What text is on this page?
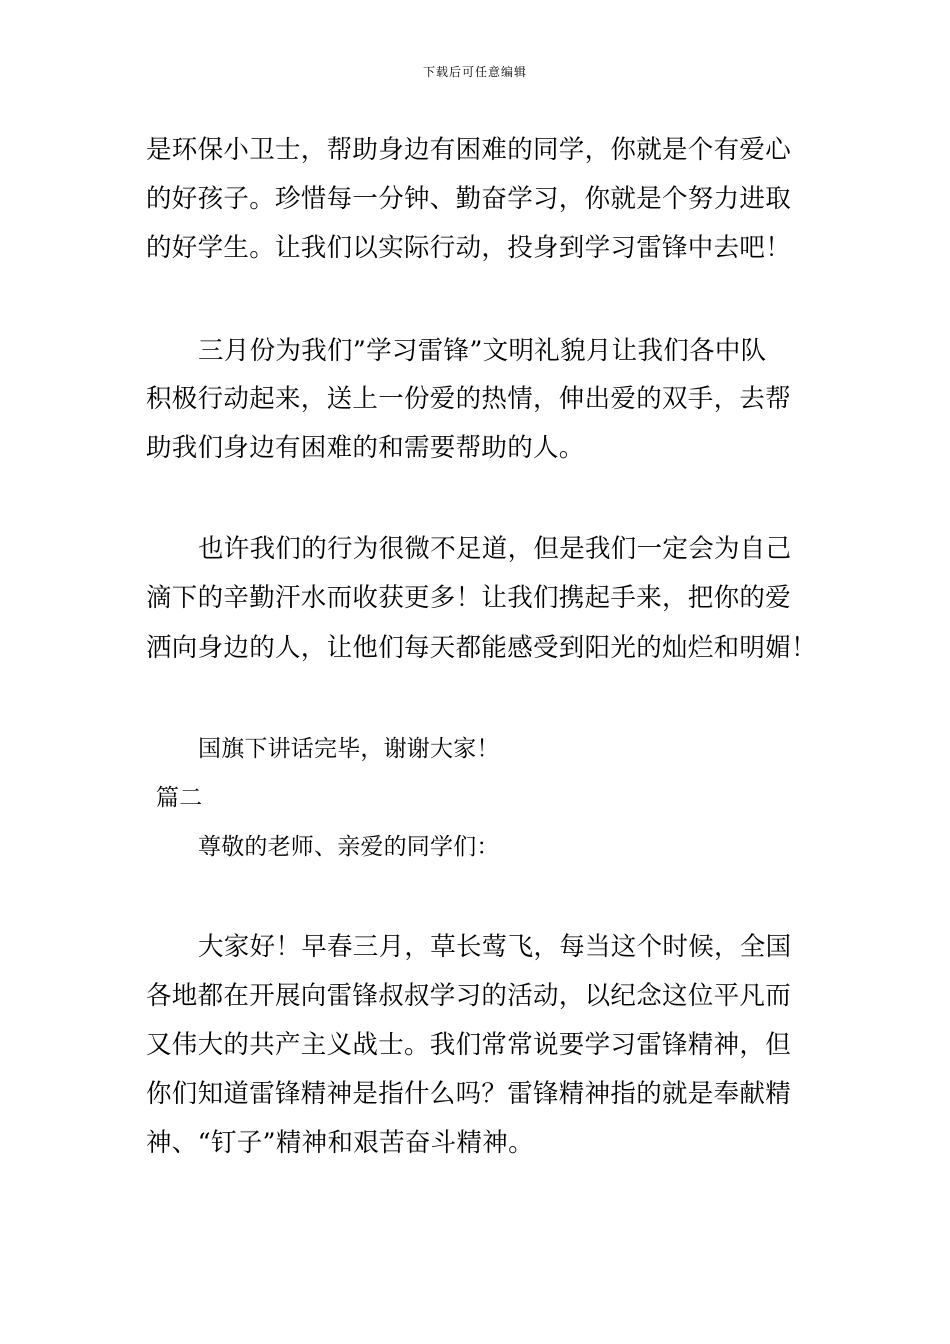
下载后可任意编辑
是环保小卫士，帮助身边有困难的同学，你就是个有爱心
的好孩子。珍惜每一分钟、勤奋学习，你就是个努力进取
的好学生。让我们以实际行动，投身到学习雷锋中去吧！
三月份为我们”学习雷锋”文明礼貌月让我们各中队
积极行动起来，送上一份爱的热情，伸出爱的双手，去帮
助我们身边有困难的和需要帮助的人。
也许我们的行为很微不足道，但是我们一定会为自己
滴下的辛勤汗水而收获更多！让我们携起手来，把你的爱
洒向身边的人，让他们每天都能感受到阳光的灿烂和明媚！
国旗下讲话完毕，谢谢大家！
篇二
尊敬的老师、亲爱的同学们：
大家好！早春三月，草长莺飞，每当这个时候，全国
各地都在开展向雷锋叔叔学习的活动，以纪念这位平凡而
又伟大的共产主义战士。我们常常说要学习雷锋精神，但
你们知道雷锋精神是指什么吗？雷锋精神指的就是奉献精
神、“钉子”精神和艰苦奋斗精神。
